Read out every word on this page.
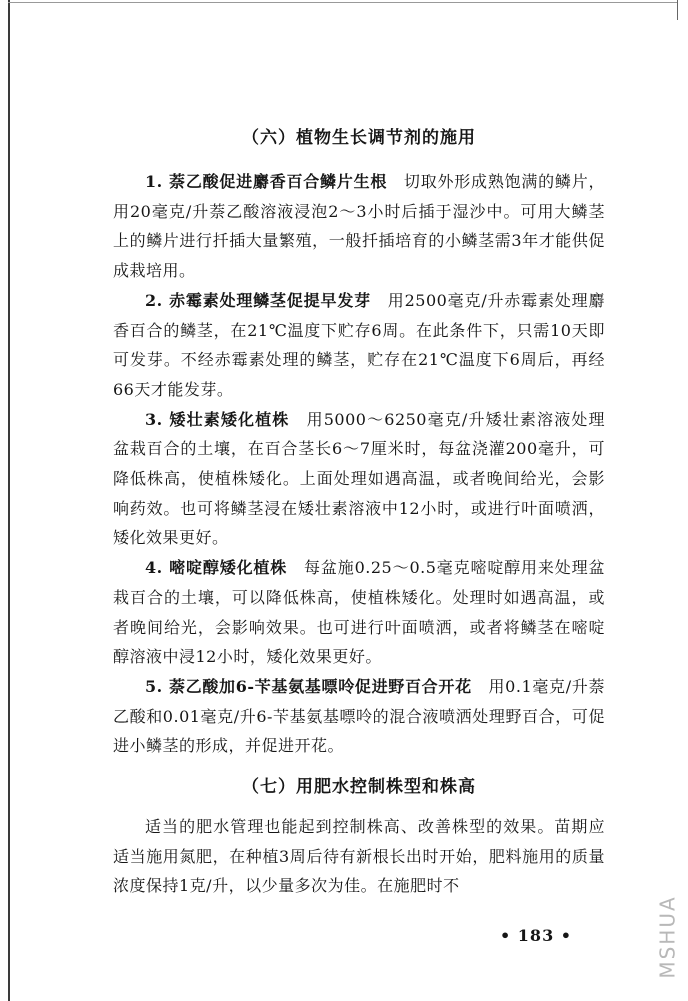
（六）植物生长调节剂的施用

1. 萘乙酸促进麝香百合鳞片生根　切取外形成熟饱满的鳞片，用20毫克/升萘乙酸溶液浸泡2～3小时后插于湿沙中。可用大鳞茎上的鳞片进行扦插大量繁殖，一般扦插培育的小鳞茎需3年才能供促成栽培用。

2. 赤霉素处理鳞茎促提早发芽　用2500毫克/升赤霉素处理麝香百合的鳞茎，在21℃温度下贮存6周。在此条件下，只需10天即可发芽。不经赤霉素处理的鳞茎，贮存在21℃温度下6周后，再经66天才能发芽。

3. 矮壮素矮化植株　用5000～6250毫克/升矮壮素溶液处理盆栽百合的土壤，在百合茎长6～7厘米时，每盆浇灌200毫升，可降低株高，使植株矮化。上面处理如遇高温，或者晚间给光，会影响药效。也可将鳞茎浸在矮壮素溶液中12小时，或进行叶面喷洒，矮化效果更好。

4. 嘧啶醇矮化植株　每盆施0.25～0.5毫克嘧啶醇用来处理盆栽百合的土壤，可以降低株高，使植株矮化。处理时如遇高温，或者晚间给光，会影响效果。也可进行叶面喷洒，或者将鳞茎在嘧啶醇溶液中浸12小时，矮化效果更好。

5. 萘乙酸加6-苄基氨基嘌呤促进野百合开花　用0.1毫克/升萘乙酸和0.01毫克/升6-苄基氨基嘌呤的混合液喷洒处理野百合，可促进小鳞茎的形成，并促进开花。

（七）用肥水控制株型和株高

适当的肥水管理也能起到控制株高、改善株型的效果。苗期应适当施用氮肥，在种植3周后待有新根长出时开始，肥料施用的质量浓度保持1克/升，以少量多次为佳。在施肥时不

• 183 •	MSHUA
